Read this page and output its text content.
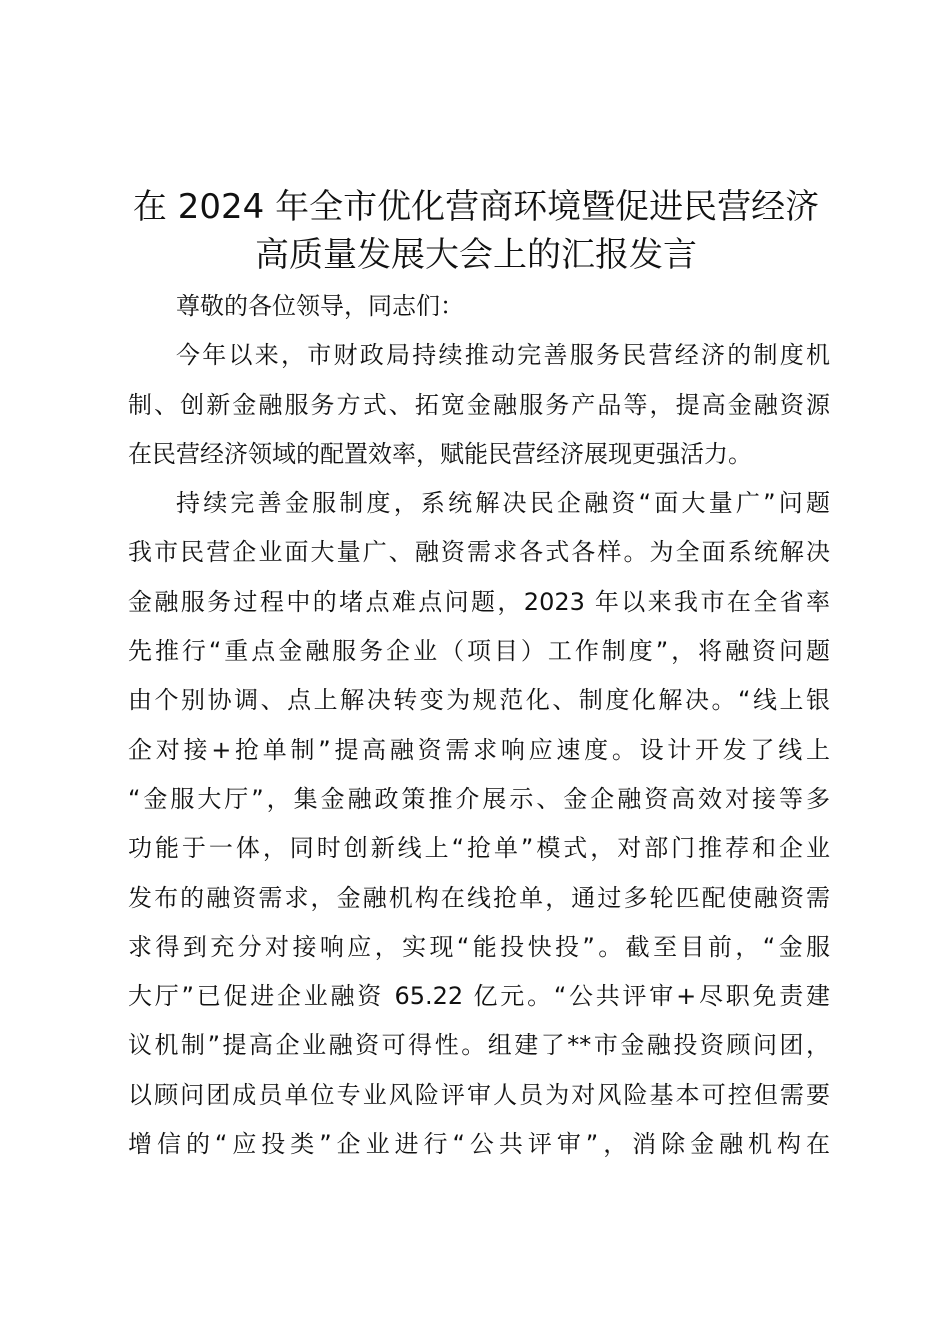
在 2024 年全市优化营商环境暨促进民营经济
高质量发展大会上的汇报发言
尊敬的各位领导，同志们：
今年以来，市财政局持续推动完善服务民营经济的制度机
制、创新金融服务方式、拓宽金融服务产品等，提高金融资源
在民营经济领域的配置效率，赋能民营经济展现更强活力。
持续完善金服制度，系统解决民企融资“面大量广”问题
我市民营企业面大量广、融资需求各式各样。为全面系统解决
金融服务过程中的堵点难点问题，2023 年以来我市在全省率
先推行“重点金融服务企业（项目）工作制度”，将融资问题
由个别协调、点上解决转变为规范化、制度化解决。“线上银
企对接+抢单制”提高融资需求响应速度。设计开发了线上
“金服大厅”，集金融政策推介展示、金企融资高效对接等多
功能于一体，同时创新线上“抢单”模式，对部门推荐和企业
发布的融资需求，金融机构在线抢单，通过多轮匹配使融资需
求得到充分对接响应，实现“能投快投”。截至目前，“金服
大厅”已促进企业融资 65.22 亿元。“公共评审+尽职免责建
议机制”提高企业融资可得性。组建了**市金融投资顾问团，
以顾问团成员单位专业风险评审人员为对风险基本可控但需要
增信的“应投类”企业进行“公共评审”，消除金融机构在
